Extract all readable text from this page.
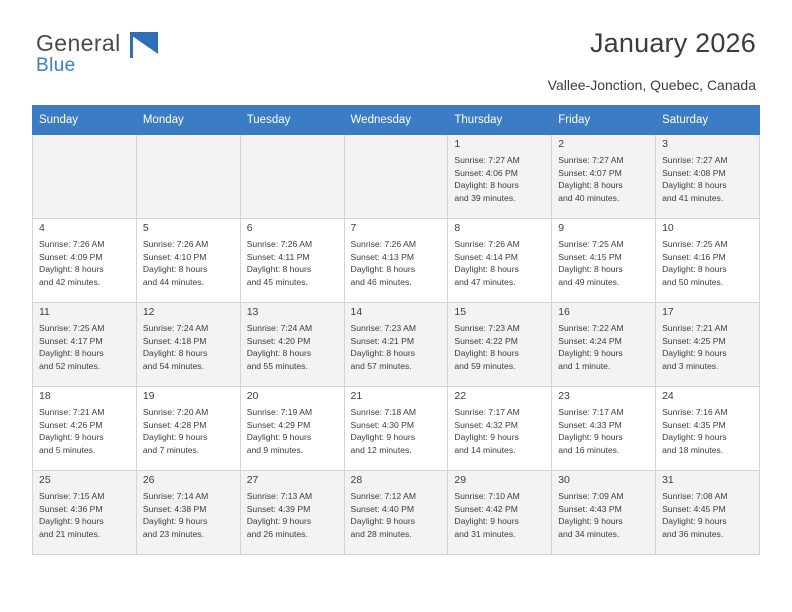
General
Blue
January 2026
Vallee-Jonction, Quebec, Canada
Sunday	Monday	Tuesday	Wednesday	Thursday	Friday	Saturday

				1
Sunrise: 7:27 AM
Sunset: 4:06 PM
Daylight: 8 hours
and 39 minutes.	2
Sunrise: 7:27 AM
Sunset: 4:07 PM
Daylight: 8 hours
and 40 minutes.	3
Sunrise: 7:27 AM
Sunset: 4:08 PM
Daylight: 8 hours
and 41 minutes.

4
Sunrise: 7:26 AM
Sunset: 4:09 PM
Daylight: 8 hours
and 42 minutes.	5
Sunrise: 7:26 AM
Sunset: 4:10 PM
Daylight: 8 hours
and 44 minutes.	6
Sunrise: 7:26 AM
Sunset: 4:11 PM
Daylight: 8 hours
and 45 minutes.	7
Sunrise: 7:26 AM
Sunset: 4:13 PM
Daylight: 8 hours
and 46 minutes.	8
Sunrise: 7:26 AM
Sunset: 4:14 PM
Daylight: 8 hours
and 47 minutes.	9
Sunrise: 7:25 AM
Sunset: 4:15 PM
Daylight: 8 hours
and 49 minutes.	10
Sunrise: 7:25 AM
Sunset: 4:16 PM
Daylight: 8 hours
and 50 minutes.

11
Sunrise: 7:25 AM
Sunset: 4:17 PM
Daylight: 8 hours
and 52 minutes.	12
Sunrise: 7:24 AM
Sunset: 4:18 PM
Daylight: 8 hours
and 54 minutes.	13
Sunrise: 7:24 AM
Sunset: 4:20 PM
Daylight: 8 hours
and 55 minutes.	14
Sunrise: 7:23 AM
Sunset: 4:21 PM
Daylight: 8 hours
and 57 minutes.	15
Sunrise: 7:23 AM
Sunset: 4:22 PM
Daylight: 8 hours
and 59 minutes.	16
Sunrise: 7:22 AM
Sunset: 4:24 PM
Daylight: 9 hours
and 1 minute.	17
Sunrise: 7:21 AM
Sunset: 4:25 PM
Daylight: 9 hours
and 3 minutes.

18
Sunrise: 7:21 AM
Sunset: 4:26 PM
Daylight: 9 hours
and 5 minutes.	19
Sunrise: 7:20 AM
Sunset: 4:28 PM
Daylight: 9 hours
and 7 minutes.	20
Sunrise: 7:19 AM
Sunset: 4:29 PM
Daylight: 9 hours
and 9 minutes.	21
Sunrise: 7:18 AM
Sunset: 4:30 PM
Daylight: 9 hours
and 12 minutes.	22
Sunrise: 7:17 AM
Sunset: 4:32 PM
Daylight: 9 hours
and 14 minutes.	23
Sunrise: 7:17 AM
Sunset: 4:33 PM
Daylight: 9 hours
and 16 minutes.	24
Sunrise: 7:16 AM
Sunset: 4:35 PM
Daylight: 9 hours
and 18 minutes.

25
Sunrise: 7:15 AM
Sunset: 4:36 PM
Daylight: 9 hours
and 21 minutes.	26
Sunrise: 7:14 AM
Sunset: 4:38 PM
Daylight: 9 hours
and 23 minutes.	27
Sunrise: 7:13 AM
Sunset: 4:39 PM
Daylight: 9 hours
and 26 minutes.	28
Sunrise: 7:12 AM
Sunset: 4:40 PM
Daylight: 9 hours
and 28 minutes.	29
Sunrise: 7:10 AM
Sunset: 4:42 PM
Daylight: 9 hours
and 31 minutes.	30
Sunrise: 7:09 AM
Sunset: 4:43 PM
Daylight: 9 hours
and 34 minutes.	31
Sunrise: 7:08 AM
Sunset: 4:45 PM
Daylight: 9 hours
and 36 minutes.
